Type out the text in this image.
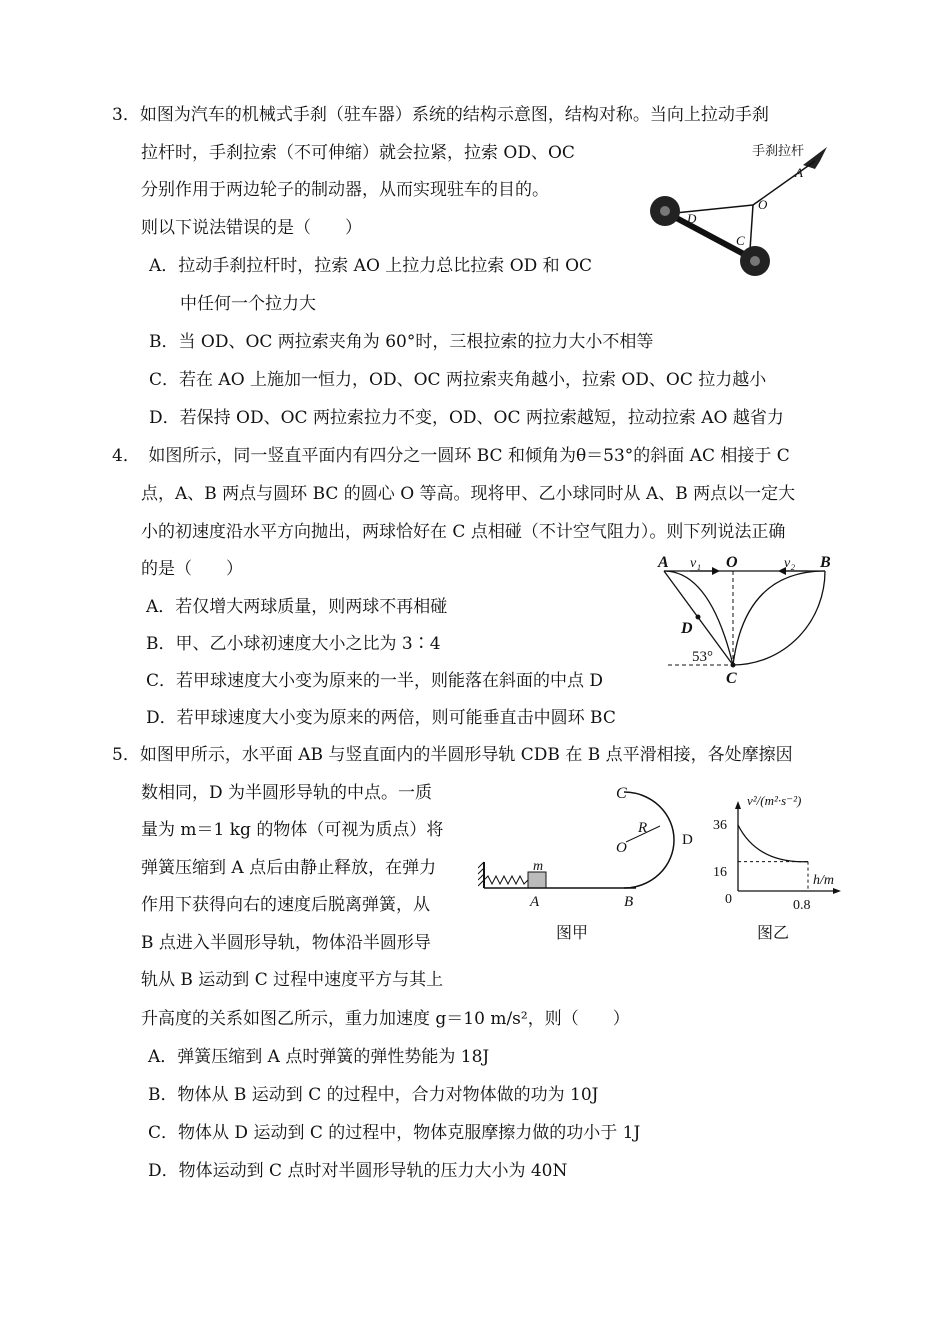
3．如图为汽车的机械式手刹（驻车器）系统的结构示意图，结构对称。当向上拉动手刹
拉杆时，手刹拉索（不可伸缩）就会拉紧，拉索 OD、OC
分别作用于两边轮子的制动器，从而实现驻车的目的。
则以下说法错误的是（　　）
A．拉动手刹拉杆时，拉索 AO 上拉力总比拉索 OD 和 OC
中任何一个拉力大
B．当 OD、OC 两拉索夹角为 60°时，三根拉索的拉力大小不相等
C．若在 AO 上施加一恒力，OD、OC 两拉索夹角越小，拉索 OD、OC 拉力越小
D．若保持 OD、OC 两拉索拉力不变，OD、OC 两拉索越短，拉动拉索 AO 越省力
手刹拉杆
A
O
D
C
4．　如图所示，同一竖直平面内有四分之一圆环 BC 和倾角为θ＝53°的斜面 AC 相接于 C
点，A、B 两点与圆环 BC 的圆心 O 等高。现将甲、乙小球同时从 A、B 两点以一定大
小的初速度沿水平方向抛出，两球恰好在 C 点相碰（不计空气阻力）。则下列说法正确
的是（　　）
A．若仅增大两球质量，则两球不再相碰
B．甲、乙小球初速度大小之比为 3∶4
C．若甲球速度大小变为原来的一半，则能落在斜面的中点 D
D．若甲球速度大小变为原来的两倍，则可能垂直击中圆环 BC
A v₁ O	v₂ B
D
53°
C
5．如图甲所示，水平面 AB 与竖直面内的半圆形导轨 CDB 在 B 点平滑相接，各处摩擦因
数相同，D 为半圆形导轨的中点。一质
量为 m＝1 kg 的物体（可视为质点）将
弹簧压缩到 A 点后由静止释放，在弹力
作用下获得向右的速度后脱离弹簧，从
B 点进入半圆形导轨，物体沿半圆形导
轨从 B 运动到 C 过程中速度平方与其上
升高度的关系如图乙所示，重力加速度 g＝10 m/s²，则（　　）
A．弹簧压缩到 A 点时弹簧的弹性势能为 18J
B．物体从 B 运动到 C 的过程中，合力对物体做的功为 10J
C．物体从 D 运动到 C 的过程中，物体克服摩擦力做的功小于 1J
D．物体运动到 C 点时对半圆形导轨的压力大小为 40N
C
R
O	D
m
A	B
图甲
v²/(m²·s⁻²)
36
16
0	0.8
h/m
图乙
